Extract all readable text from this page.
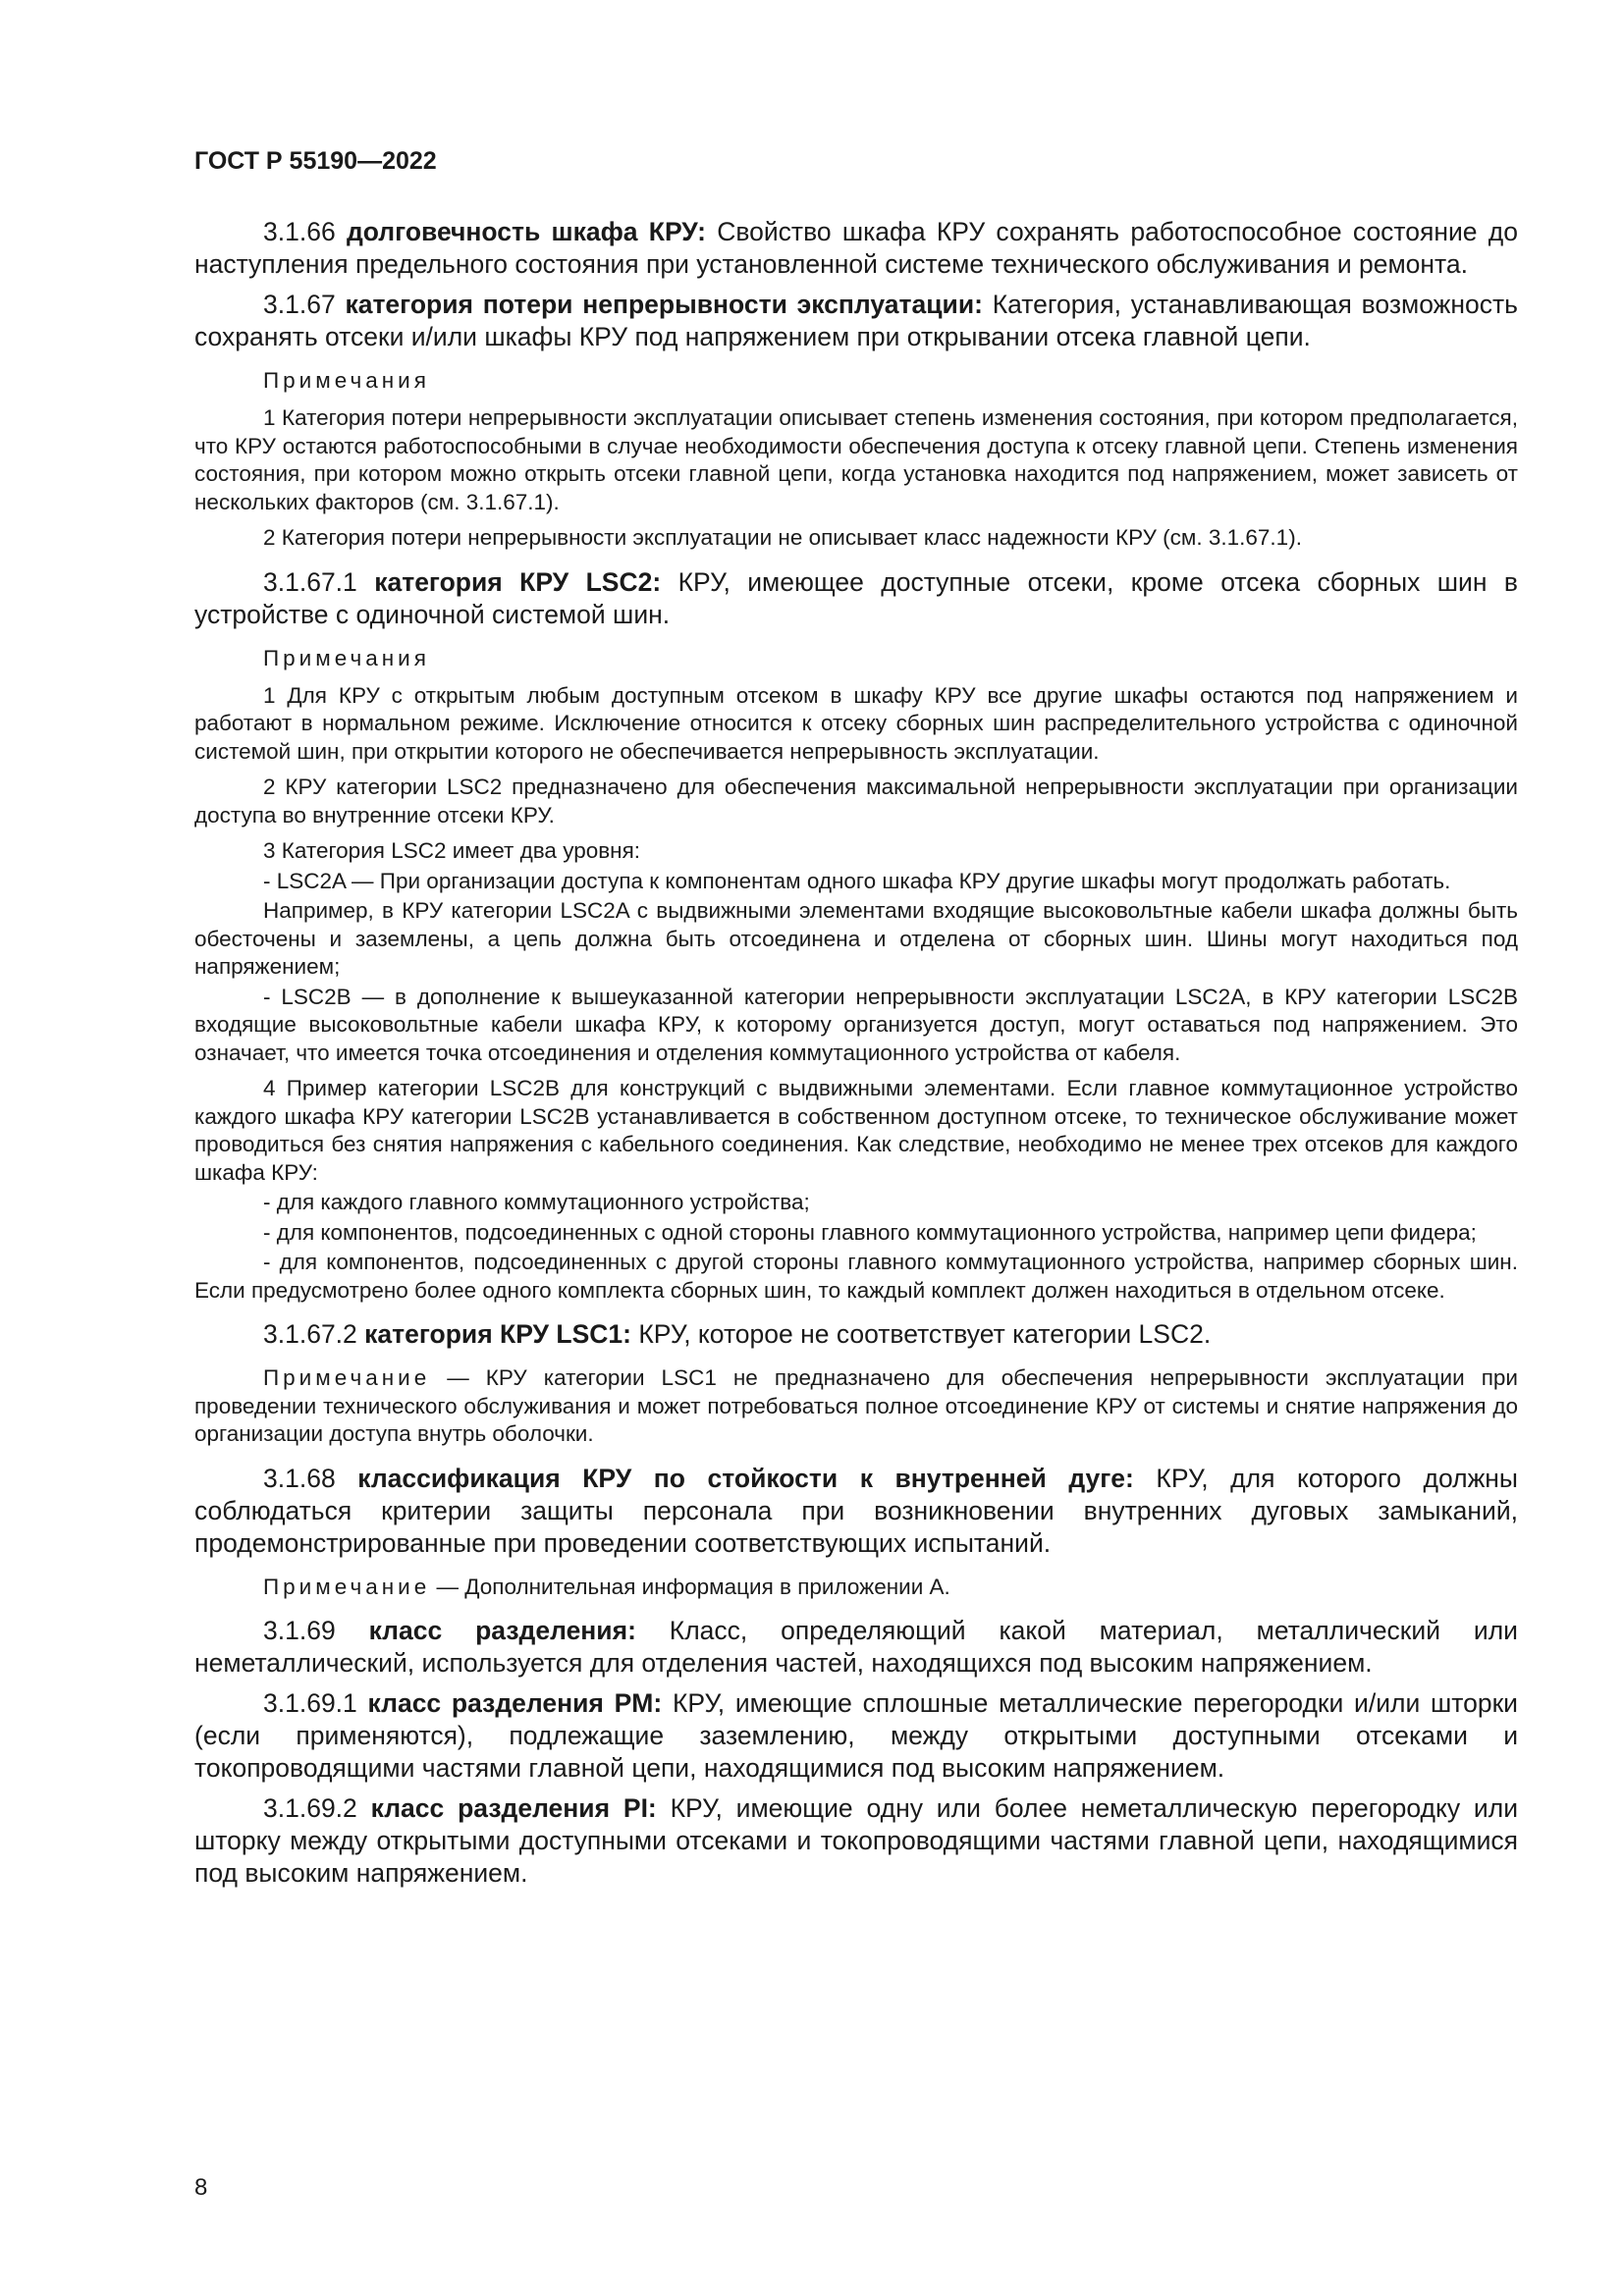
ГОСТ Р 55190—2022

3.1.66 долговечность шкафа КРУ: Свойство шкафа КРУ сохранять работоспособное состояние до наступления предельного состояния при установленной системе технического обслуживания и ремонта.

3.1.67 категория потери непрерывности эксплуатации: Категория, устанавливающая возможность сохранять отсеки и/или шкафы КРУ под напряжением при открывании отсека главной цепи.

Примечания

1 Категория потери непрерывности эксплуатации описывает степень изменения состояния, при котором предполагается, что КРУ остаются работоспособными в случае необходимости обеспечения доступа к отсеку главной цепи. Степень изменения состояния, при котором можно открыть отсеки главной цепи, когда установка находится под напряжением, может зависеть от нескольких факторов (см. 3.1.67.1).

2 Категория потери непрерывности эксплуатации не описывает класс надежности КРУ (см. 3.1.67.1).

3.1.67.1 категория КРУ LSC2: КРУ, имеющее доступные отсеки, кроме отсека сборных шин в устройстве с одиночной системой шин.

Примечания

1 Для КРУ с открытым любым доступным отсеком в шкафу КРУ все другие шкафы остаются под напряжением и работают в нормальном режиме. Исключение относится к отсеку сборных шин распределительного устройства с одиночной системой шин, при открытии которого не обеспечивается непрерывность эксплуатации.

2 КРУ категории LSC2 предназначено для обеспечения максимальной непрерывности эксплуатации при организации доступа во внутренние отсеки КРУ.

3 Категория LSC2 имеет два уровня:

- LSC2A — При организации доступа к компонентам одного шкафа КРУ другие шкафы могут продолжать работать.

Например, в КРУ категории LSC2A с выдвижными элементами входящие высоковольтные кабели шкафа должны быть обесточены и заземлены, а цепь должна быть отсоединена и отделена от сборных шин. Шины могут находиться под напряжением;

- LSC2B — в дополнение к вышеуказанной категории непрерывности эксплуатации LSC2A, в КРУ категории LSC2B входящие высоковольтные кабели шкафа КРУ, к которому организуется доступ, могут оставаться под напряжением. Это означает, что имеется точка отсоединения и отделения коммутационного устройства от кабеля.

4 Пример категории LSC2B для конструкций с выдвижными элементами. Если главное коммутационное устройство каждого шкафа КРУ категории LSC2B устанавливается в собственном доступном отсеке, то техническое обслуживание может проводиться без снятия напряжения с кабельного соединения. Как следствие, необходимо не менее трех отсеков для каждого шкафа КРУ:

- для каждого главного коммутационного устройства;

- для компонентов, подсоединенных с одной стороны главного коммутационного устройства, например цепи фидера;

- для компонентов, подсоединенных с другой стороны главного коммутационного устройства, например сборных шин. Если предусмотрено более одного комплекта сборных шин, то каждый комплект должен находиться в отдельном отсеке.

3.1.67.2 категория КРУ LSC1: КРУ, которое не соответствует категории LSC2.

Примечание — КРУ категории LSC1 не предназначено для обеспечения непрерывности эксплуатации при проведении технического обслуживания и может потребоваться полное отсоединение КРУ от системы и снятие напряжения до организации доступа внутрь оболочки.

3.1.68 классификация КРУ по стойкости к внутренней дуге: КРУ, для которого должны соблюдаться критерии защиты персонала при возникновении внутренних дуговых замыканий, продемонстрированные при проведении соответствующих испытаний.

Примечание — Дополнительная информация в приложении А.

3.1.69 класс разделения: Класс, определяющий какой материал, металлический или неметаллический, используется для отделения частей, находящихся под высоким напряжением.

3.1.69.1 класс разделения PM: КРУ, имеющие сплошные металлические перегородки и/или шторки (если применяются), подлежащие заземлению, между открытыми доступными отсеками и токопроводящими частями главной цепи, находящимися под высоким напряжением.

3.1.69.2 класс разделения PI: КРУ, имеющие одну или более неметаллическую перегородку или шторку между открытыми доступными отсеками и токопроводящими частями главной цепи, находящимися под высоким напряжением.

8
